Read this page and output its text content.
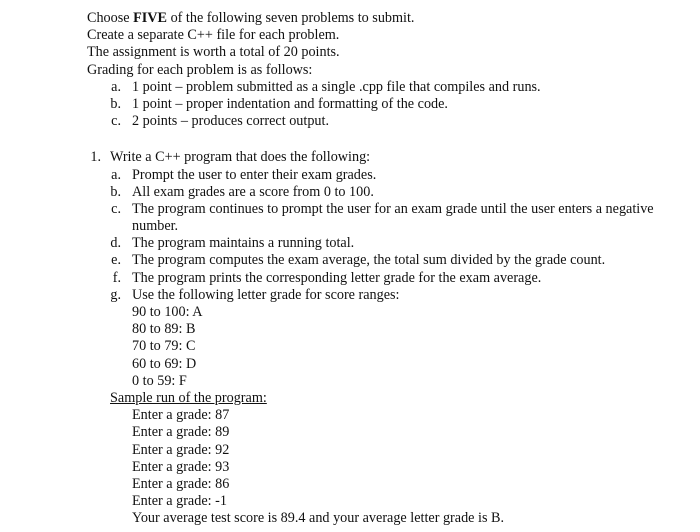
Choose FIVE of the following seven problems to submit.
Create a separate C++ file for each problem.
The assignment is worth a total of 20 points.
Grading for each problem is as follows:
a. 1 point – problem submitted as a single .cpp file that compiles and runs.
b. 1 point – proper indentation and formatting of the code.
c. 2 points – produces correct output.
1. Write a C++ program that does the following:
a. Prompt the user to enter their exam grades.
b. All exam grades are a score from 0 to 100.
c. The program continues to prompt the user for an exam grade until the user enters a negative number.
d. The program maintains a running total.
e. The program computes the exam average, the total sum divided by the grade count.
f. The program prints the corresponding letter grade for the exam average.
g. Use the following letter grade for score ranges:
90 to 100: A
80 to 89: B
70 to 79: C
60 to 69: D
0 to 59: F
Sample run of the program:
Enter a grade: 87
Enter a grade: 89
Enter a grade: 92
Enter a grade: 93
Enter a grade: 86
Enter a grade: -1
Your average test score is 89.4 and your average letter grade is B.
